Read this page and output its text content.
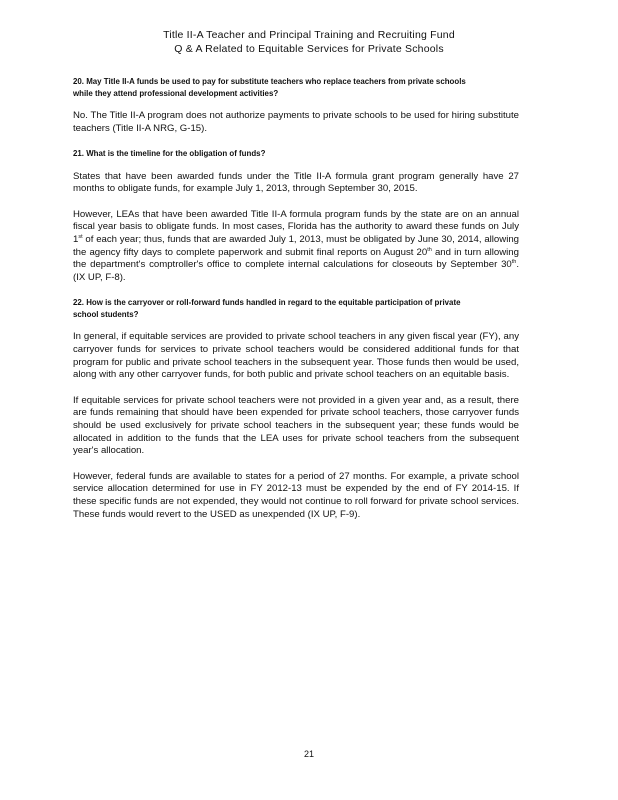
Title II-A Teacher and Principal Training and Recruiting Fund
Q & A Related to Equitable Services for Private Schools
20. May Title II-A funds be used to pay for substitute teachers who replace teachers from private schools while they attend professional development activities?

No. The Title II-A program does not authorize payments to private schools to be used for hiring substitute teachers (Title II-A NRG, G-15).

21. What is the timeline for the obligation of funds?

States that have been awarded funds under the Title II-A formula grant program generally have 27 months to obligate funds, for example July 1, 2013, through September 30, 2015.

However, LEAs that have been awarded Title II-A formula program funds by the state are on an annual fiscal year basis to obligate funds. In most cases, Florida has the authority to award these funds on July 1st of each year; thus, funds that are awarded July 1, 2013, must be obligated by June 30, 2014, allowing the agency fifty days to complete paperwork and submit final reports on August 20th and in turn allowing the department's comptroller's office to complete internal calculations for closeouts by September 30th. (IX UP, F-8).

22. How is the carryover or roll-forward funds handled in regard to the equitable participation of private school students?

In general, if equitable services are provided to private school teachers in any given fiscal year (FY), any carryover funds for services to private school teachers would be considered additional funds for that program for public and private school teachers in the subsequent year. Those funds then would be used, along with any other carryover funds, for both public and private school teachers on an equitable basis.

If equitable services for private school teachers were not provided in a given year and, as a result, there are funds remaining that should have been expended for private school teachers, those carryover funds should be used exclusively for private school teachers in the subsequent year; these funds would be allocated in addition to the funds that the LEA uses for private school teachers from the subsequent year's allocation.

However, federal funds are available to states for a period of 27 months. For example, a private school service allocation determined for use in FY 2012-13 must be expended by the end of FY 2014-15. If these specific funds are not expended, they would not continue to roll forward for private school services. These funds would revert to the USED as unexpended (IX UP, F-9).

21
